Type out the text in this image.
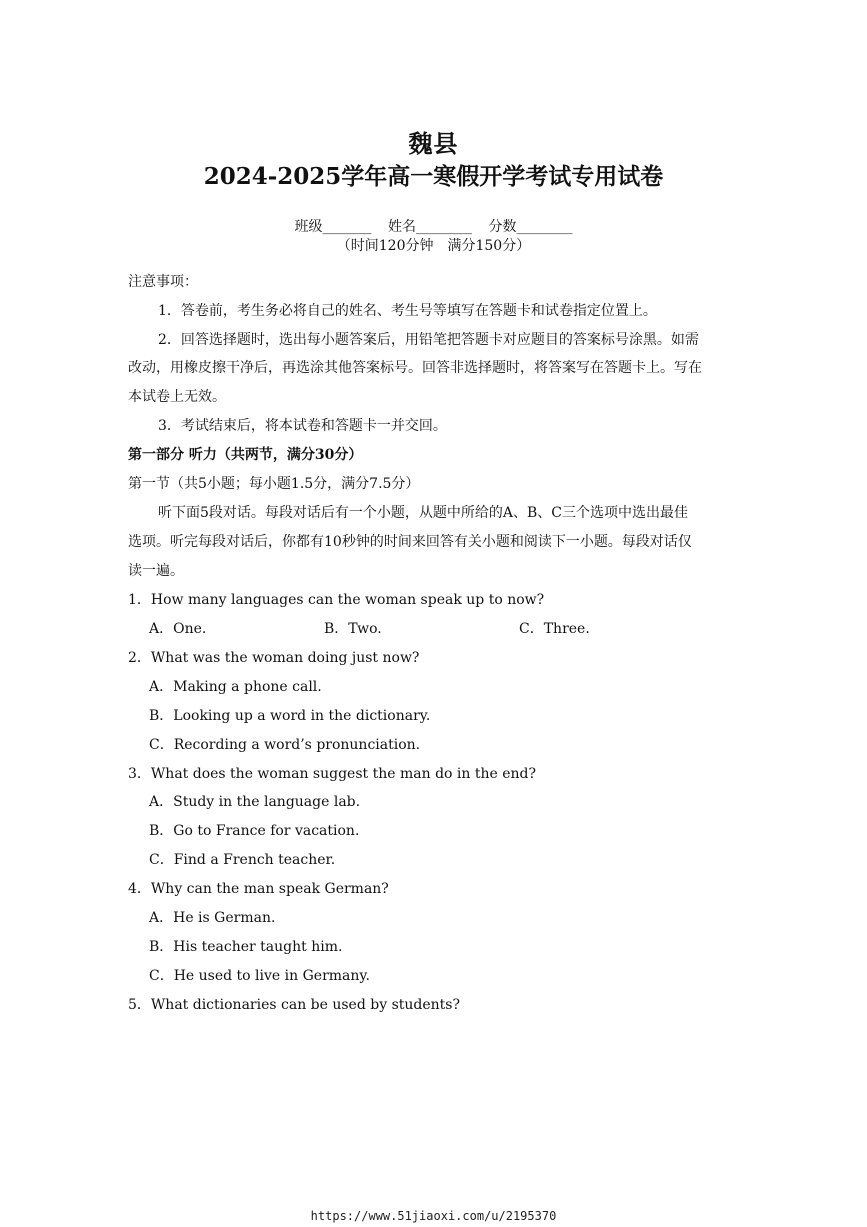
魏县
2024-2025学年高一寒假开学考试专用试卷
班级_______ 姓名________ 分数________
（时间120分钟　满分150分）
注意事项：
1．答卷前，考生务必将自己的姓名、考生号等填写在答题卡和试卷指定位置上。
2．回答选择题时，选出每小题答案后，用铅笔把答题卡对应题目的答案标号涂黑。如需
改动，用橡皮擦干净后，再选涂其他答案标号。回答非选择题时，将答案写在答题卡上。写在
本试卷上无效。
3．考试结束后，将本试卷和答题卡一并交回。
第一部分 听力（共两节，满分30分）
第一节（共5小题；每小题1.5分，满分7.5分）
听下面5段对话。每段对话后有一个小题，从题中所给的A、B、C三个选项中选出最佳
选项。听完每段对话后，你都有10秒钟的时间来回答有关小题和阅读下一小题。每段对话仅
读一遍。
1．How many languages can the woman speak up to now?
A．One.	B．Two.	C．Three.
2．What was the woman doing just now?
A．Making a phone call.
B．Looking up a word in the dictionary.
C．Recording a word’s pronunciation.
3．What does the woman suggest the man do in the end?
A．Study in the language lab.
B．Go to France for vacation.
C．Find a French teacher.
4．Why can the man speak German?
A．He is German.
B．His teacher taught him.
C．He used to live in Germany.
5．What dictionaries can be used by students?
https://www.51jiaoxi.com/u/2195370
